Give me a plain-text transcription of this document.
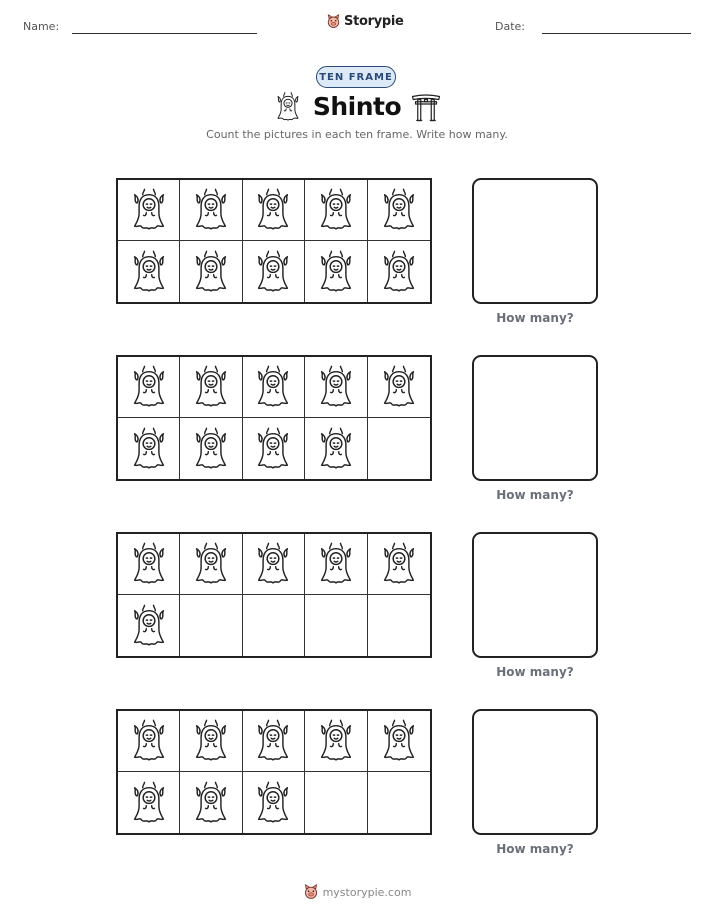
Name:	Storypie	Date:
TEN FRAME
Shinto
Count the pictures in each ten frame. Write how many.
How many?
How many?
How many?
How many?
mystorypie.com
